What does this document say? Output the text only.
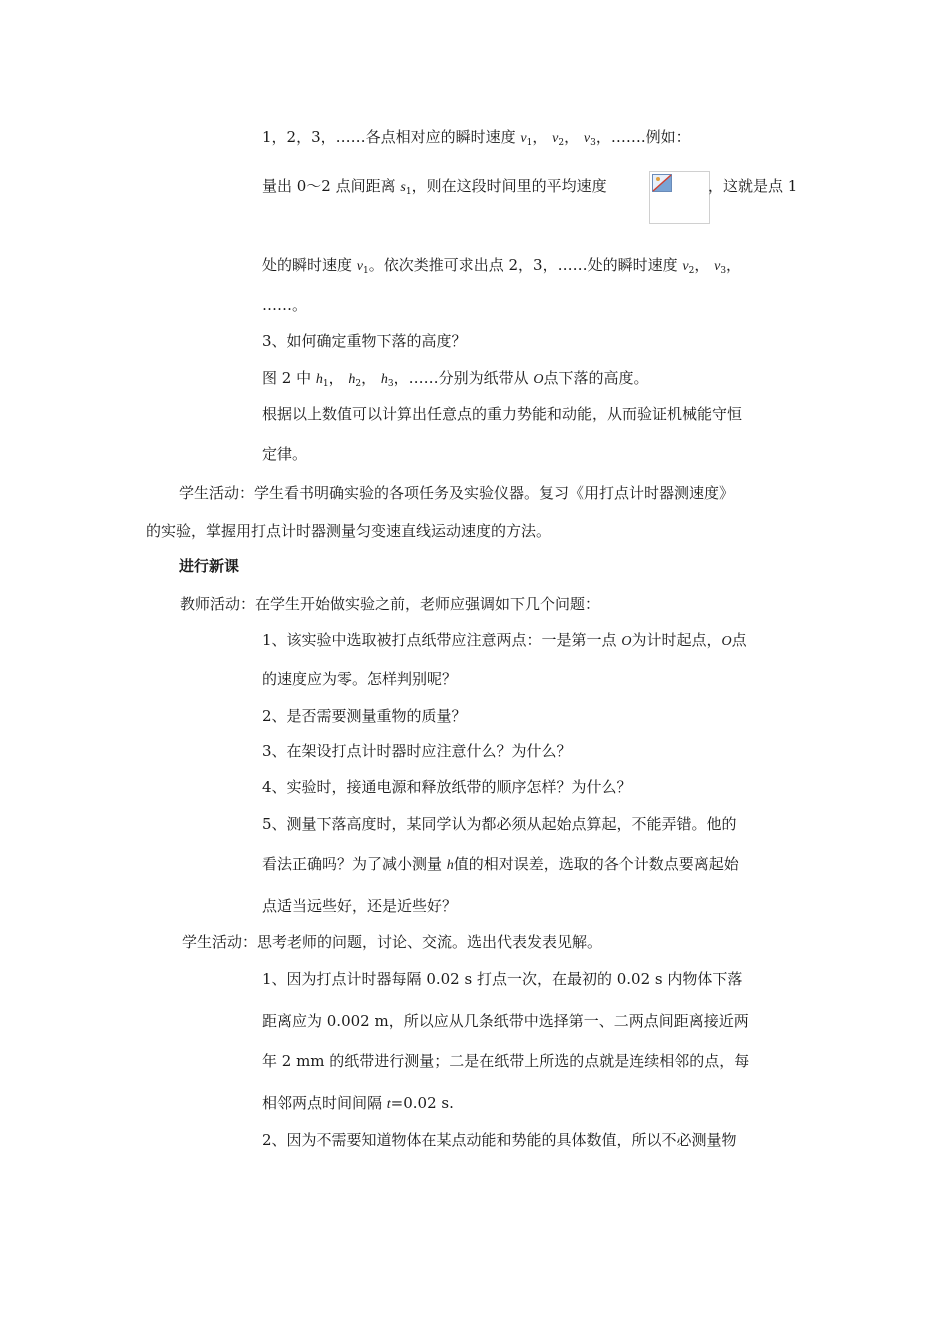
1，2，3，……各点相对应的瞬时速度 $v_1$， $v_2$， $v_3$，…….例如：
量出 0～2 点间距离 $s_1$，则在这段时间里的平均速度	，这就是点 1
处的瞬时速度 $v_1$。依次类推可求出点 2，3，……处的瞬时速度 $v_2$， $v_3$，
……。
3、如何确定重物下落的高度？
图 2 中 $h_1$， $h_2$， $h_3$，……分别为纸带从 O点下落的高度。
根据以上数值可以计算出任意点的重力势能和动能，从而验证机械能守恒
定律。
学生活动：学生看书明确实验的各项任务及实验仪器。复习《用打点计时器测速度》
的实验，掌握用打点计时器测量匀变速直线运动速度的方法。
进行新课
教师活动：在学生开始做实验之前，老师应强调如下几个问题：
1、该实验中选取被打点纸带应注意两点：一是第一点 O为计时起点，O点
的速度应为零。怎样判别呢？
2、是否需要测量重物的质量？
3、在架设打点计时器时应注意什么？为什么？
4、实验时，接通电源和释放纸带的顺序怎样？为什么？
5、测量下落高度时，某同学认为都必须从起始点算起，不能弄错。他的
看法正确吗？为了减小测量 h值的相对误差，选取的各个计数点要离起始
点适当远些好，还是近些好？
学生活动：思考老师的问题，讨论、交流。选出代表发表见解。
1、因为打点计时器每隔 0.02 s 打点一次，在最初的 0.02 s 内物体下落
距离应为 0.002 m，所以应从几条纸带中选择第一、二两点间距离接近两
年 2 mm 的纸带进行测量；二是在纸带上所选的点就是连续相邻的点，每
相邻两点时间间隔 t=0.02 s.
2、因为不需要知道物体在某点动能和势能的具体数值，所以不必测量物
